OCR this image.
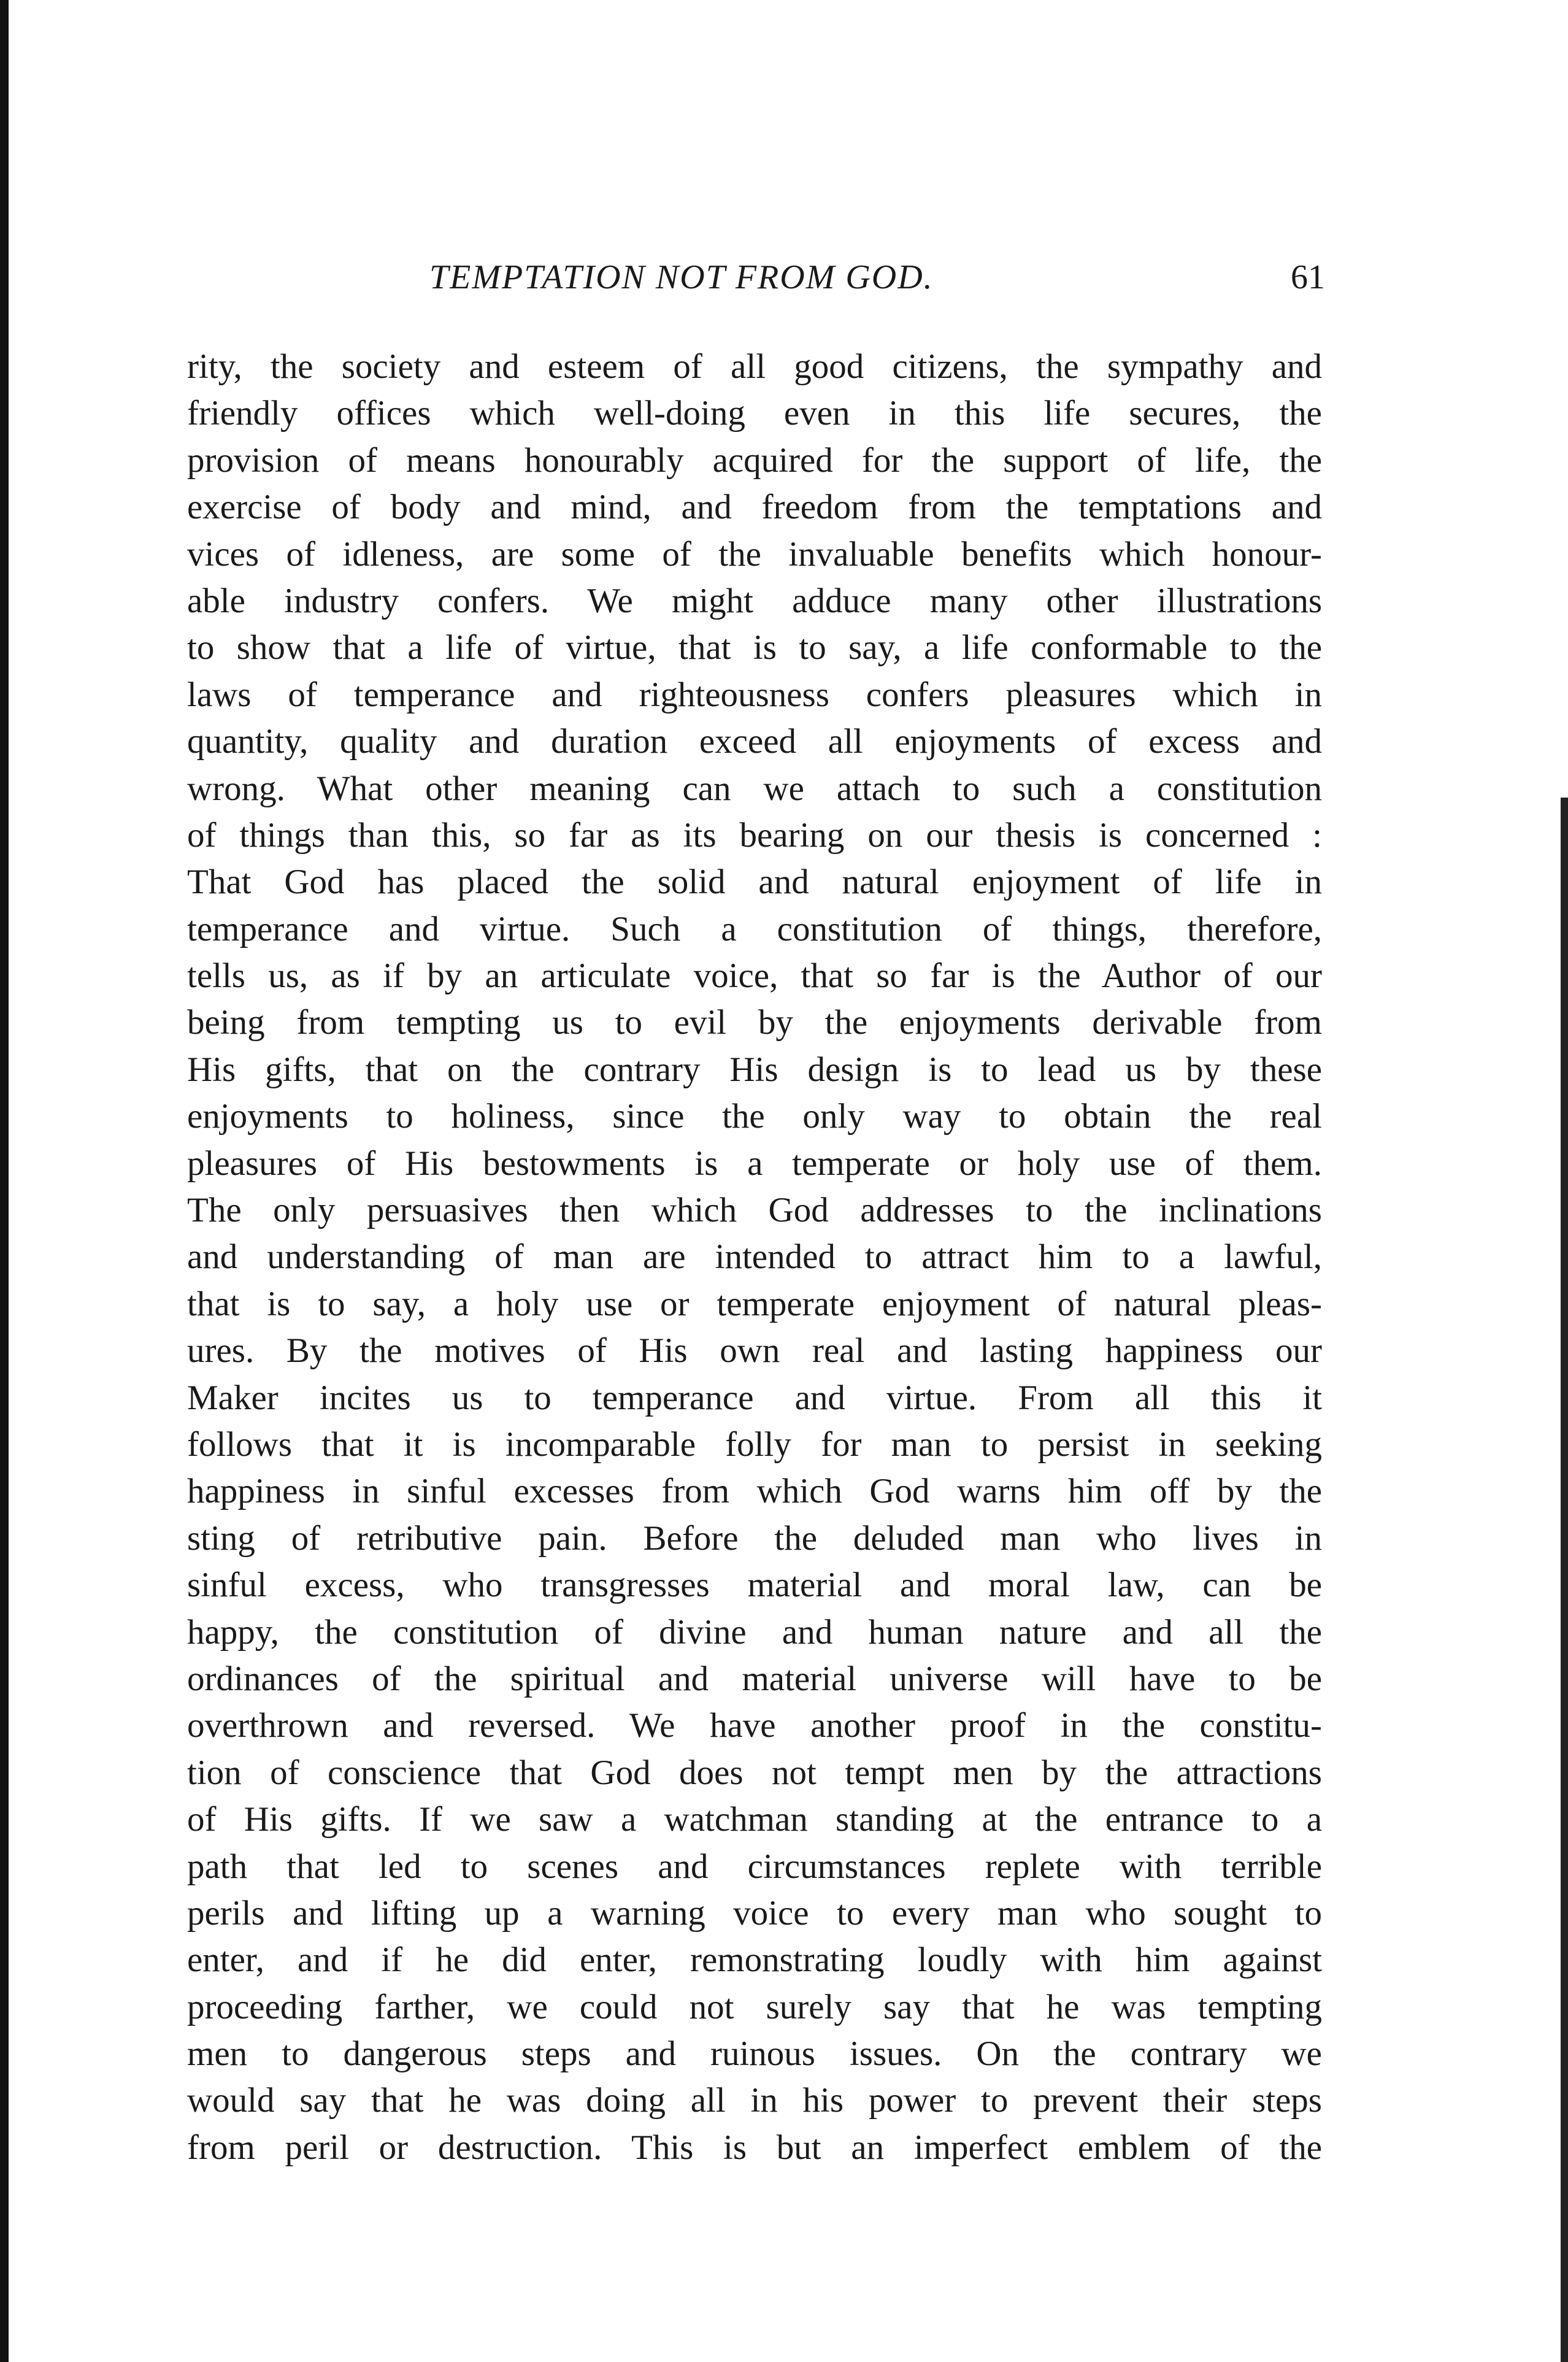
TEMPTATION NOT FROM GOD.	61
rity, the society and esteem of all good citizens, the sympathy and
friendly offices which well-doing even in this life secures, the
provision of means honourably acquired for the support of life, the
exercise of body and mind, and freedom from the temptations and
vices of idleness, are some of the invaluable benefits which honour-
able industry confers. We might adduce many other illustrations
to show that a life of virtue, that is to say, a life conformable to the
laws of temperance and righteousness confers pleasures which in
quantity, quality and duration exceed all enjoyments of excess and
wrong. What other meaning can we attach to such a constitution
of things than this, so far as its bearing on our thesis is concerned :
That God has placed the solid and natural enjoyment of life in
temperance and virtue. Such a constitution of things, therefore,
tells us, as if by an articulate voice, that so far is the Author of our
being from tempting us to evil by the enjoyments derivable from
His gifts, that on the contrary His design is to lead us by these
enjoyments to holiness, since the only way to obtain the real
pleasures of His bestowments is a temperate or holy use of them.
The only persuasives then which God addresses to the inclinations
and understanding of man are intended to attract him to a lawful,
that is to say, a holy use or temperate enjoyment of natural pleas-
ures. By the motives of His own real and lasting happiness our
Maker incites us to temperance and virtue. From all this it
follows that it is incomparable folly for man to persist in seeking
happiness in sinful excesses from which God warns him off by the
sting of retributive pain. Before the deluded man who lives in
sinful excess, who transgresses material and moral law, can be
happy, the constitution of divine and human nature and all the
ordinances of the spiritual and material universe will have to be
overthrown and reversed. We have another proof in the constitu-
tion of conscience that God does not tempt men by the attractions
of His gifts. If we saw a watchman standing at the entrance to a
path that led to scenes and circumstances replete with terrible
perils and lifting up a warning voice to every man who sought to
enter, and if he did enter, remonstrating loudly with him against
proceeding farther, we could not surely say that he was tempting
men to dangerous steps and ruinous issues. On the contrary we
would say that he was doing all in his power to prevent their steps
from peril or destruction. This is but an imperfect emblem of the
